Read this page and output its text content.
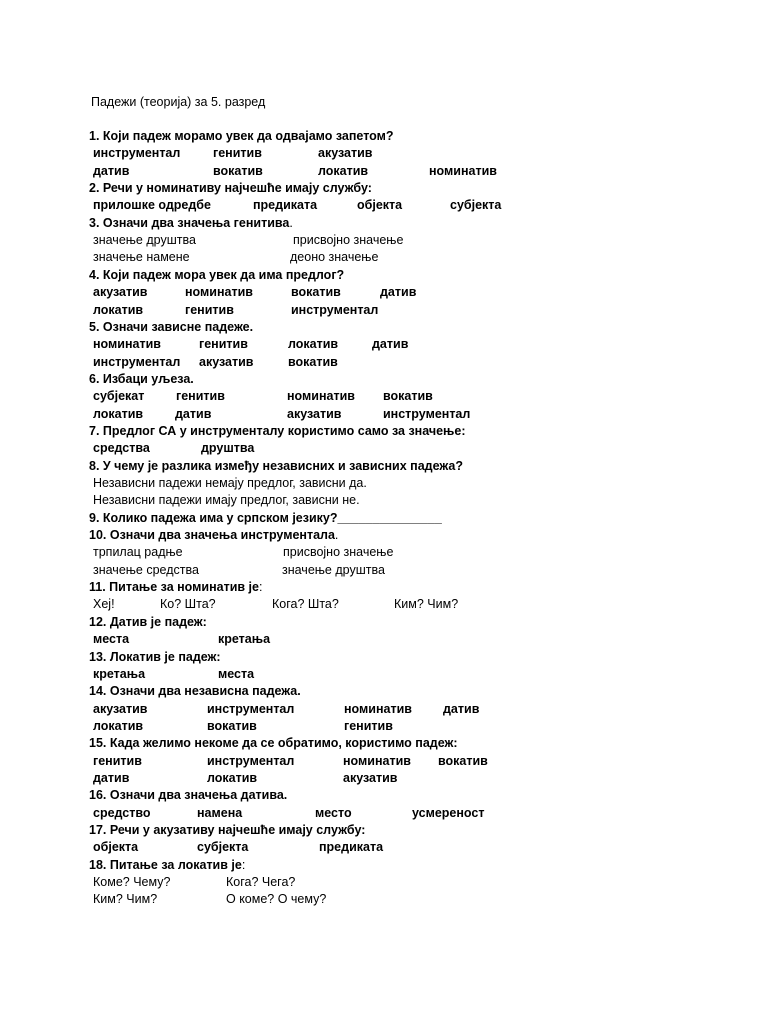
Падежи (теорија) за 5. разред

1. Који падеж морамо увек да одвајамо запетом?
инструментал	генитив	акузатив
датив	вокатив	локатив	номинатив
2. Речи у номинативу најчешће имају службу:
прилошке одредбе	предиката	објекта	субјекта
3. Означи два значења генитива.
значење друштва	присвојно значење
значење намене	деоно значење
4. Који падеж мора увек да има предлог?
акузатив	номинатив	вокатив	датив
локатив	генитив	инструментал
5. Означи зависне падеже.
номинатив	генитив	локатив	датив
инструментал акузатив	вокатив
6. Избаци уљеза.
субјекат	генитив	номинатив вокатив
локатив	датив	акузатив	инструментал
7. Предлог СА у инструменталу користимо само за значење:
средства	друштва
8. У чему је разлика између независних и зависних падежа?
Независни падежи немају предлог, зависни да.
Независни падежи имају предлог, зависни не.
9. Колико падежа има у српском језику?_______________
10. Означи два значења инструментала.
трпилац радње	присвојно значење
значење средства	значење друштва
11. Питање за номинатив је:
Хеј!	Ко? Шта?	Кога? Шта?	Ким? Чим?
12. Датив је падеж:
места	кретања
13. Локатив је падеж:
кретања	места
14. Означи два независна падежа.
акузатив	инструментал	номинатив датив
локатив	вокатив	генитив
15. Када желимо некоме да се обратимо, користимо падеж:
генитив	инструментал	номинатив вокатив
датив	локатив	акузатив
16. Означи два значења датива.
средство	намена	место	усмереност
17. Речи у акузативу најчешће имају службу:
објекта	субјекта	предиката
18. Питање за локатив је:
Коме? Чему?	Кога? Чега?
Ким? Чим?	О коме? О чему?
